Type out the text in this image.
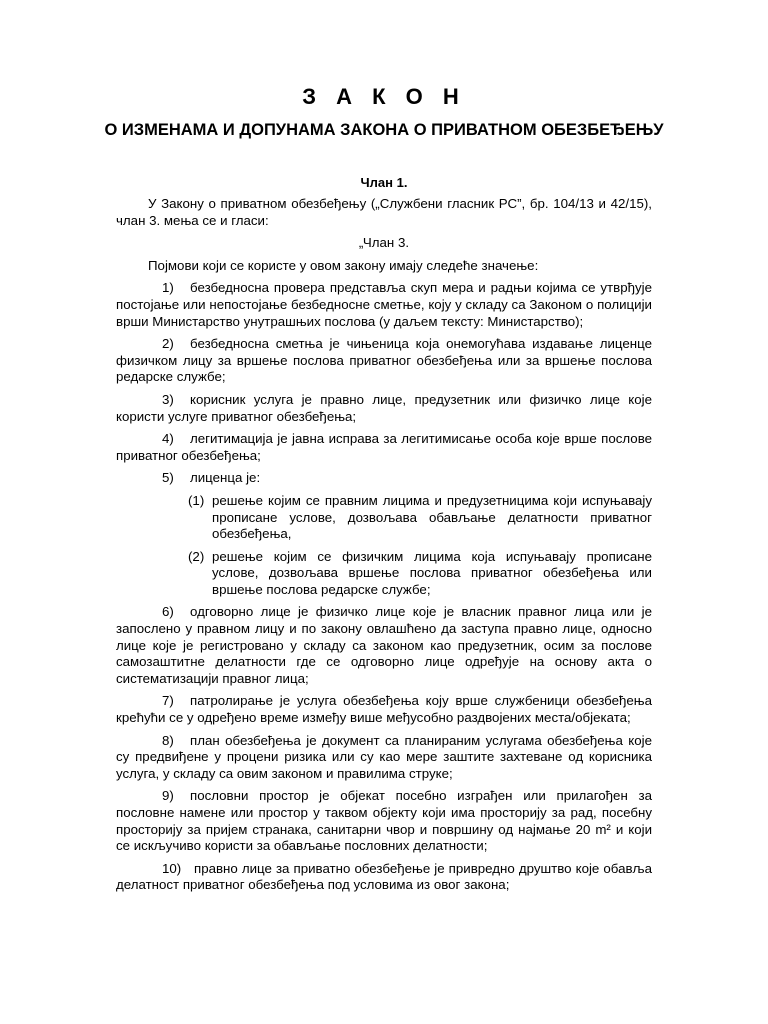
З А К О Н
О ИЗМЕНАМА И ДОПУНАМА ЗАКОНА О ПРИВАТНОМ ОБЕЗБЕЂЕЊУ
Члан 1.

У Закону о приватном обезбеђењу („Службени гласник РС”, бр. 104/13 и 42/15), члан 3. мења се и гласи:

„Члан 3.

Појмови који се користе у овом закону имају следеће значење:

1) безбедносна провера представља скуп мера и радњи којима се утврђује постојање или непостојање безбедносне сметње, коју у складу са Законом о полицији врши Министарство унутрашњих послова (у даљем тексту: Министарство);

2) безбедносна сметња је чињеница која онемогућава издавање лиценце физичком лицу за вршење послова приватног обезбеђења или за вршење послова редарске службе;

3) корисник услуга је правно лице, предузетник или физичко лице које користи услуге приватног обезбеђења;

4) легитимација је јавна исправа за легитимисање особа које врше послове приватног обезбеђења;

5) лиценца је:

(1) решење којим се правним лицима и предузетницима који испуњавају прописане услове, дозвољава обављање делатности приватног обезбеђења,

(2) решење којим се физичким лицима која испуњавају прописане услове, дозвољава вршење послова приватног обезбеђења или вршење послова редарске службе;

6) одговорно лице је физичко лице које је власник правног лица или је запослено у правном лицу и по закону овлашћено да заступа правно лице, односно лице које је регистровано у складу са законом као предузетник, осим за послове самозаштитне делатности где се одговорно лице одређује на основу акта о систематизацији правног лица;

7) патролирање је услуга обезбеђења коју врше службеници обезбеђења крећући се у одређено време између више међусобно раздвојених места/објеката;

8) план обезбеђења је документ са планираним услугама обезбеђења које су предвиђене у процени ризика или су као мере заштите захтеване од корисника услуга, у складу са овим законом и правилима струке;

9) пословни простор је објекат посебно изграђен или прилагођен за пословне намене или простор у таквом објекту који има просторију за рад, посебну просторију за пријем странака, санитарни чвор и површину од најмање 20 m² и који се искључиво користи за обављање пословних делатности;

10) правно лице за приватно обезбеђење је привредно друштво које обавља делатност приватног обезбеђења под условима из овог закона;
